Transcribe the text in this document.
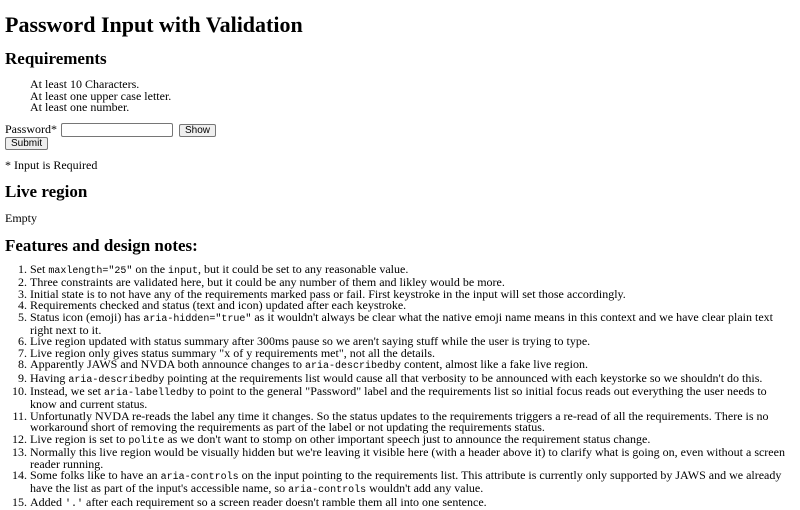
Password Input with Validation
Requirements
At least 10 Characters.
At least one upper case letter.
At least one number.
Password*	Show
Submit

* Input is Required

Live region
Empty
Features and design notes:
1. Set maxlength="25" on the input, but it could be set to any reasonable value.
2. Three constraints are validated here, but it could be any number of them and likley would be more.
3. Initial state is to not have any of the requirements marked pass or fail. First keystroke in the input will set those accordingly.
4. Requirements checked and status (text and icon) updated after each keystroke.
5. Status icon (emoji) has aria-hidden="true" as it wouldn't always be clear what the native emoji name means in this context and we have clear plain text right next to it.
6. Live region updated with status summary after 300ms pause so we aren't saying stuff while the user is trying to type.
7. Live region only gives status summary "x of y requirements met", not all the details.
8. Apparently JAWS and NVDA both announce changes to aria-describedby content, almost like a fake live region.
9. Having aria-describedby pointing at the requirements list would cause all that verbosity to be announced with each keystorke so we shouldn't do this.
10. Instead, we set aria-labelledby to point to the general "Password" label and the requirements list so initial focus reads out everything the user needs to know and current status.
11. Unfortunatly NVDA re-reads the label any time it changes. So the status updates to the requirements triggers a re-read of all the requirements. There is no workaround short of removing the requirements as part of the label or not updating the requirements status.
12. Live region is set to polite as we don't want to stomp on other important speech just to announce the requirement status change.
13. Normally this live region would be visually hidden but we're leaving it visible here (with a header above it) to clarify what is going on, even without a screen reader running.
14. Some folks like to have an aria-controls on the input pointing to the requirements list. This attribute is currently only supported by JAWS and we already have the list as part of the input's accessible name, so aria-controls wouldn't add any value.
15. Added '.' after each requirement so a screen reader doesn't ramble them all into one sentence.
